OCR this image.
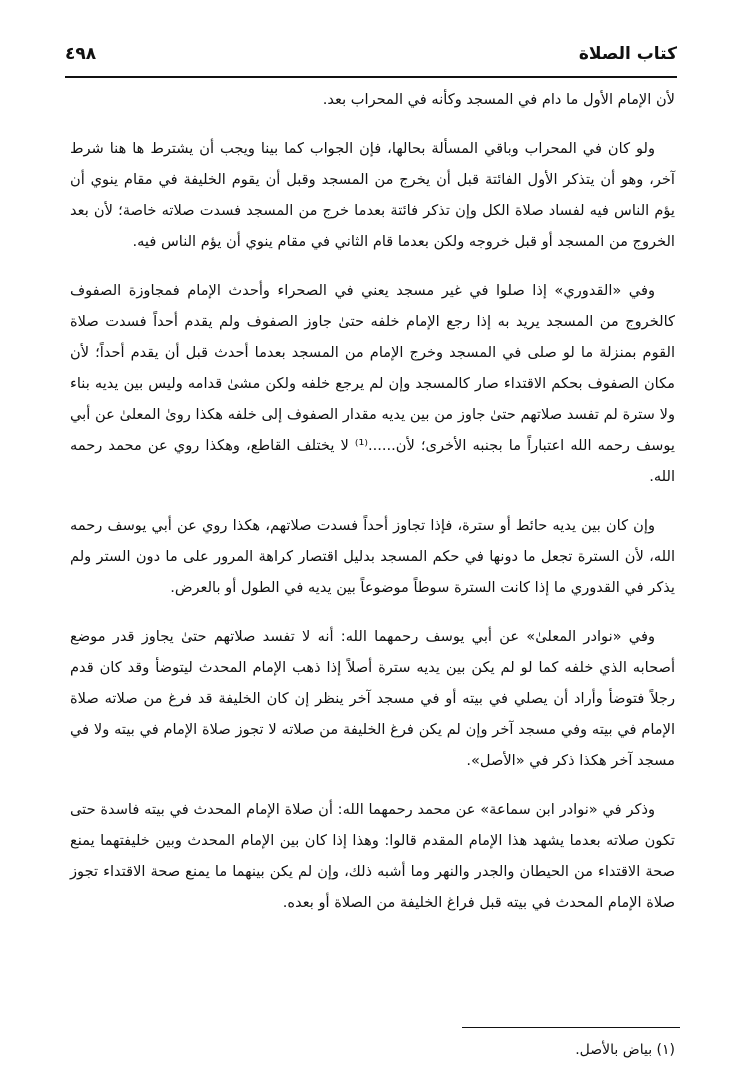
٤٩٨	كتاب الصلاة

لأن الإمام الأول ما دام في المسجد وكأنه في المحراب بعد.

ولو كان في المحراب وباقي المسألة بحالها، فإن الجواب كما بينا ويجب أن يشترط ها هنا شرط آخر، وهو أن يتذكر الأول الفائتة قبل أن يخرج من المسجد وقبل أن يقوم الخليفة في مقام ينوي أن يؤم الناس فيه لفساد صلاة الكل وإن تذكر فائتة بعدما خرج من المسجد فسدت صلاته خاصة؛ لأن بعد الخروج من المسجد أو قبل خروجه ولكن بعدما قام الثاني في مقام ينوي أن يؤم الناس فيه.

وفي «القدوري» إذا صلوا في غير مسجد يعني في الصحراء وأحدث الإمام فمجاوزة الصفوف كالخروج من المسجد يريد به إذا رجع الإمام خلفه حتىٰ جاوز الصفوف ولم يقدم أحداً فسدت صلاة القوم بمنزلة ما لو صلى في المسجد وخرج الإمام من المسجد بعدما أحدث قبل أن يقدم أحداً؛ لأن مكان الصفوف بحكم الاقتداء صار كالمسجد وإن لم يرجع خلفه ولكن مشىٰ قدامه وليس بين يديه بناء ولا سترة لم تفسد صلاتهم حتىٰ جاوز من بين يديه مقدار الصفوف إلى خلفه هكذا روىٰ المعلىٰ عن أبي يوسف رحمه الله اعتباراً ما بجنبه الأخرى؛ لأن......⁽¹⁾ لا يختلف القاطع، وهكذا روي عن محمد رحمه الله.

وإن كان بين يديه حائط أو سترة، فإذا تجاوز أحداً فسدت صلاتهم، هكذا روي عن أبي يوسف رحمه الله، لأن السترة تجعل ما دونها في حكم المسجد بدليل اقتصار كراهة المرور على ما دون الستر ولم يذكر في القدوري ما إذا كانت السترة سوطاً موضوعاً بين يديه في الطول أو بالعرض.

وفي «نوادر المعلىٰ» عن أبي يوسف رحمهما الله: أنه لا تفسد صلاتهم حتىٰ يجاوز قدر موضع أصحابه الذي خلفه كما لو لم يكن بين يديه سترة أصلاً إذا ذهب الإمام المحدث ليتوضأ وقد كان قدم رجلاً فتوضأ وأراد أن يصلي في بيته أو في مسجد آخر ينظر إن كان الخليفة قد فرغ من صلاته صلاة الإمام في بيته وفي مسجد آخر وإن لم يكن فرغ الخليفة من صلاته لا تجوز صلاة الإمام في بيته ولا في مسجد آخر هكذا ذكر في «الأصل».

وذكر في «نوادر ابن سماعة» عن محمد رحمهما الله: أن صلاة الإمام المحدث في بيته فاسدة حتى تكون صلاته بعدما يشهد هذا الإمام المقدم قالوا: وهذا إذا كان بين الإمام المحدث وبين خليفتهما يمنع صحة الاقتداء من الحيطان والجدر والنهر وما أشبه ذلك، وإن لم يكن بينهما ما يمنع صحة الاقتداء تجوز صلاة الإمام المحدث في بيته قبل فراغ الخليفة من الصلاة أو بعده.

(١) بياض بالأصل.
